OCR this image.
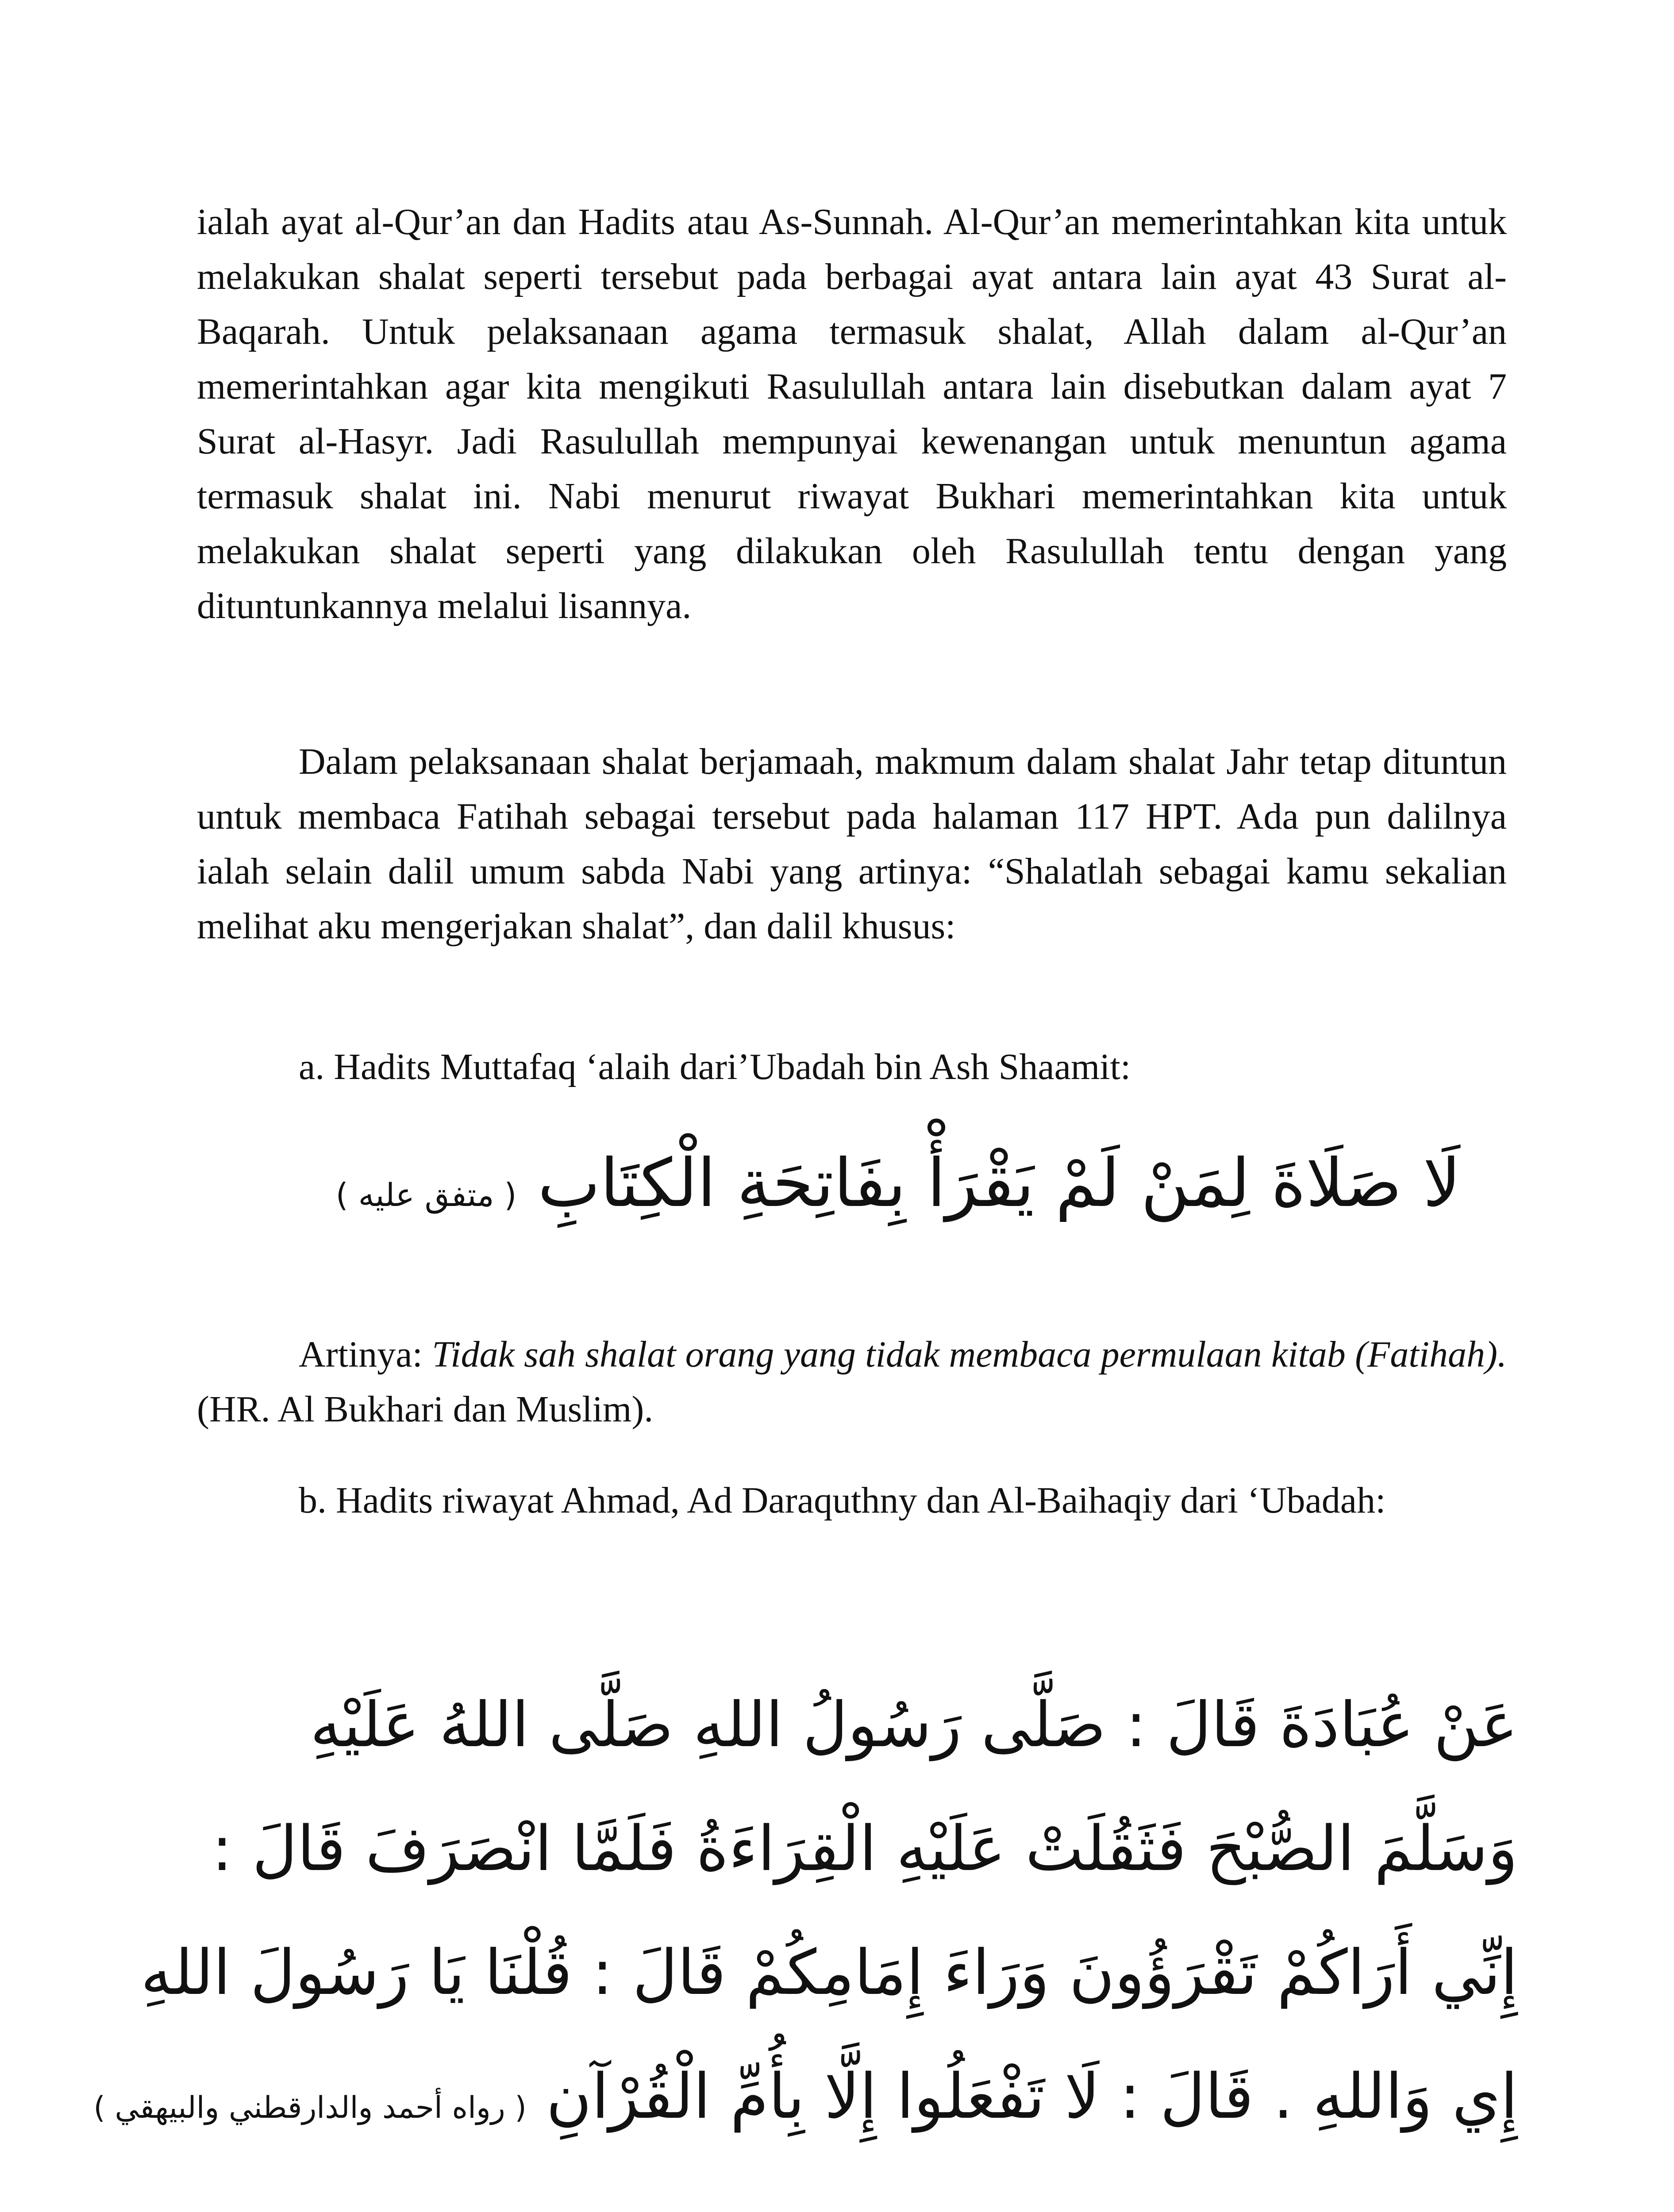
ialah ayat al-Qur’an dan Hadits atau As-Sunnah. Al-Qur’an memerintahkan kita untuk melakukan shalat seperti tersebut pada berbagai ayat antara lain ayat 43 Surat al-Baqarah. Untuk pelaksanaan agama termasuk shalat, Allah dalam al-Qur’an memerintahkan agar kita mengikuti Rasulullah antara lain disebutkan dalam ayat 7 Surat al-Hasyr. Jadi Rasulullah mempunyai kewenangan untuk menuntun agama termasuk shalat ini. Nabi menurut riwayat Bukhari memerintahkan kita untuk melakukan shalat seperti yang dilakukan oleh Rasulullah tentu dengan yang dituntunkannya melalui lisannya.

Dalam pelaksanaan shalat berjamaah, makmum dalam shalat Jahr tetap dituntun untuk membaca Fatihah sebagai tersebut pada halaman 117 HPT. Ada pun dalilnya ialah selain dalil umum sabda Nabi yang artinya: “Shalatlah sebagai kamu sekalian melihat aku mengerjakan shalat”, dan dalil khusus:

a. Hadits Muttafaq ‘alaih dari’Ubadah bin Ash Shaamit:

لَا صَلَاةَ لِمَنْ لَمْ يَقْرَأْ بِفَاتِحَةِ الْكِتَابِ ( متفق عليه )

Artinya: Tidak sah shalat orang yang tidak membaca permulaan kitab (Fatihah). (HR. Al Bukhari dan Muslim).

b. Hadits riwayat Ahmad, Ad Daraquthny dan Al-Baihaqiy dari ‘Ubadah:

عَنْ عُبَادَةَ قَالَ : صَلَّى رَسُولُ اللهِ صَلَّى اللهُ عَلَيْهِ
وَسَلَّمَ الصُّبْحَ فَثَقُلَتْ عَلَيْهِ الْقِرَاءَةُ فَلَمَّا انْصَرَفَ قَالَ :
إِنِّي أَرَاكُمْ تَقْرَؤُونَ وَرَاءَ إِمَامِكُمْ قَالَ : قُلْنَا يَا رَسُولَ اللهِ
إِي وَاللهِ . قَالَ : لَا تَفْعَلُوا إِلَّا بِأُمِّ الْقُرْآنِ ( رواه أحمد والدارقطني والبيهقي )
